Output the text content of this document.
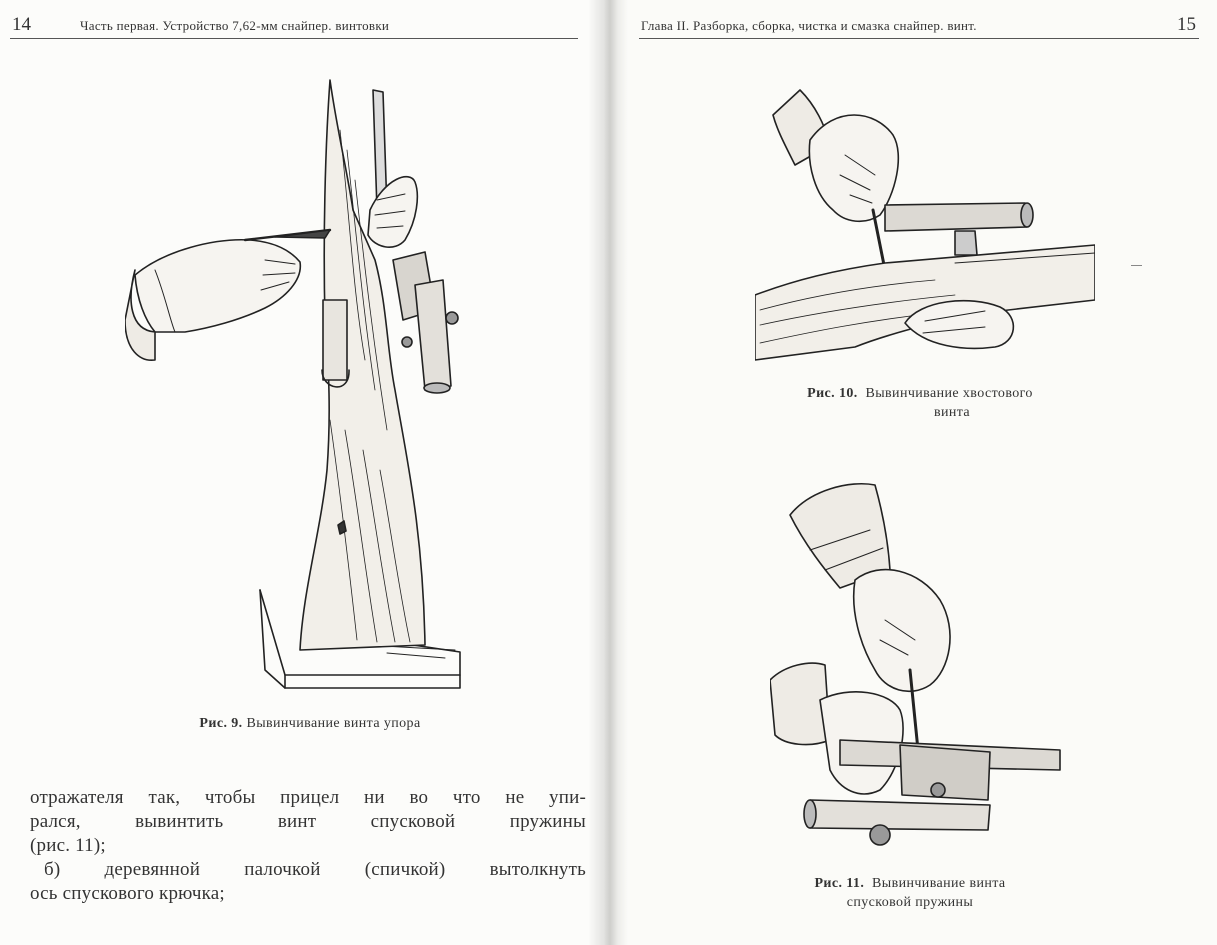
14	Часть первая. Устройство 7,62-мм снайпер. винтовки
Рис. 9. Вывинчивание винта упора

отражателя так, чтобы прицел ни во что не упи-

рался, вывинтить винт спусковой пружины

(рис. 11);

б) деревянной палочкой (спичкой) вытолкнуть

ось спускового крючка;

Глава II. Разборка, сборка, чистка и смазка снайпер. винт.	15
Рис. 10. Вывинчивание хвостового
винта
Рис. 11. Вывинчивание винта
спусковой пружины
